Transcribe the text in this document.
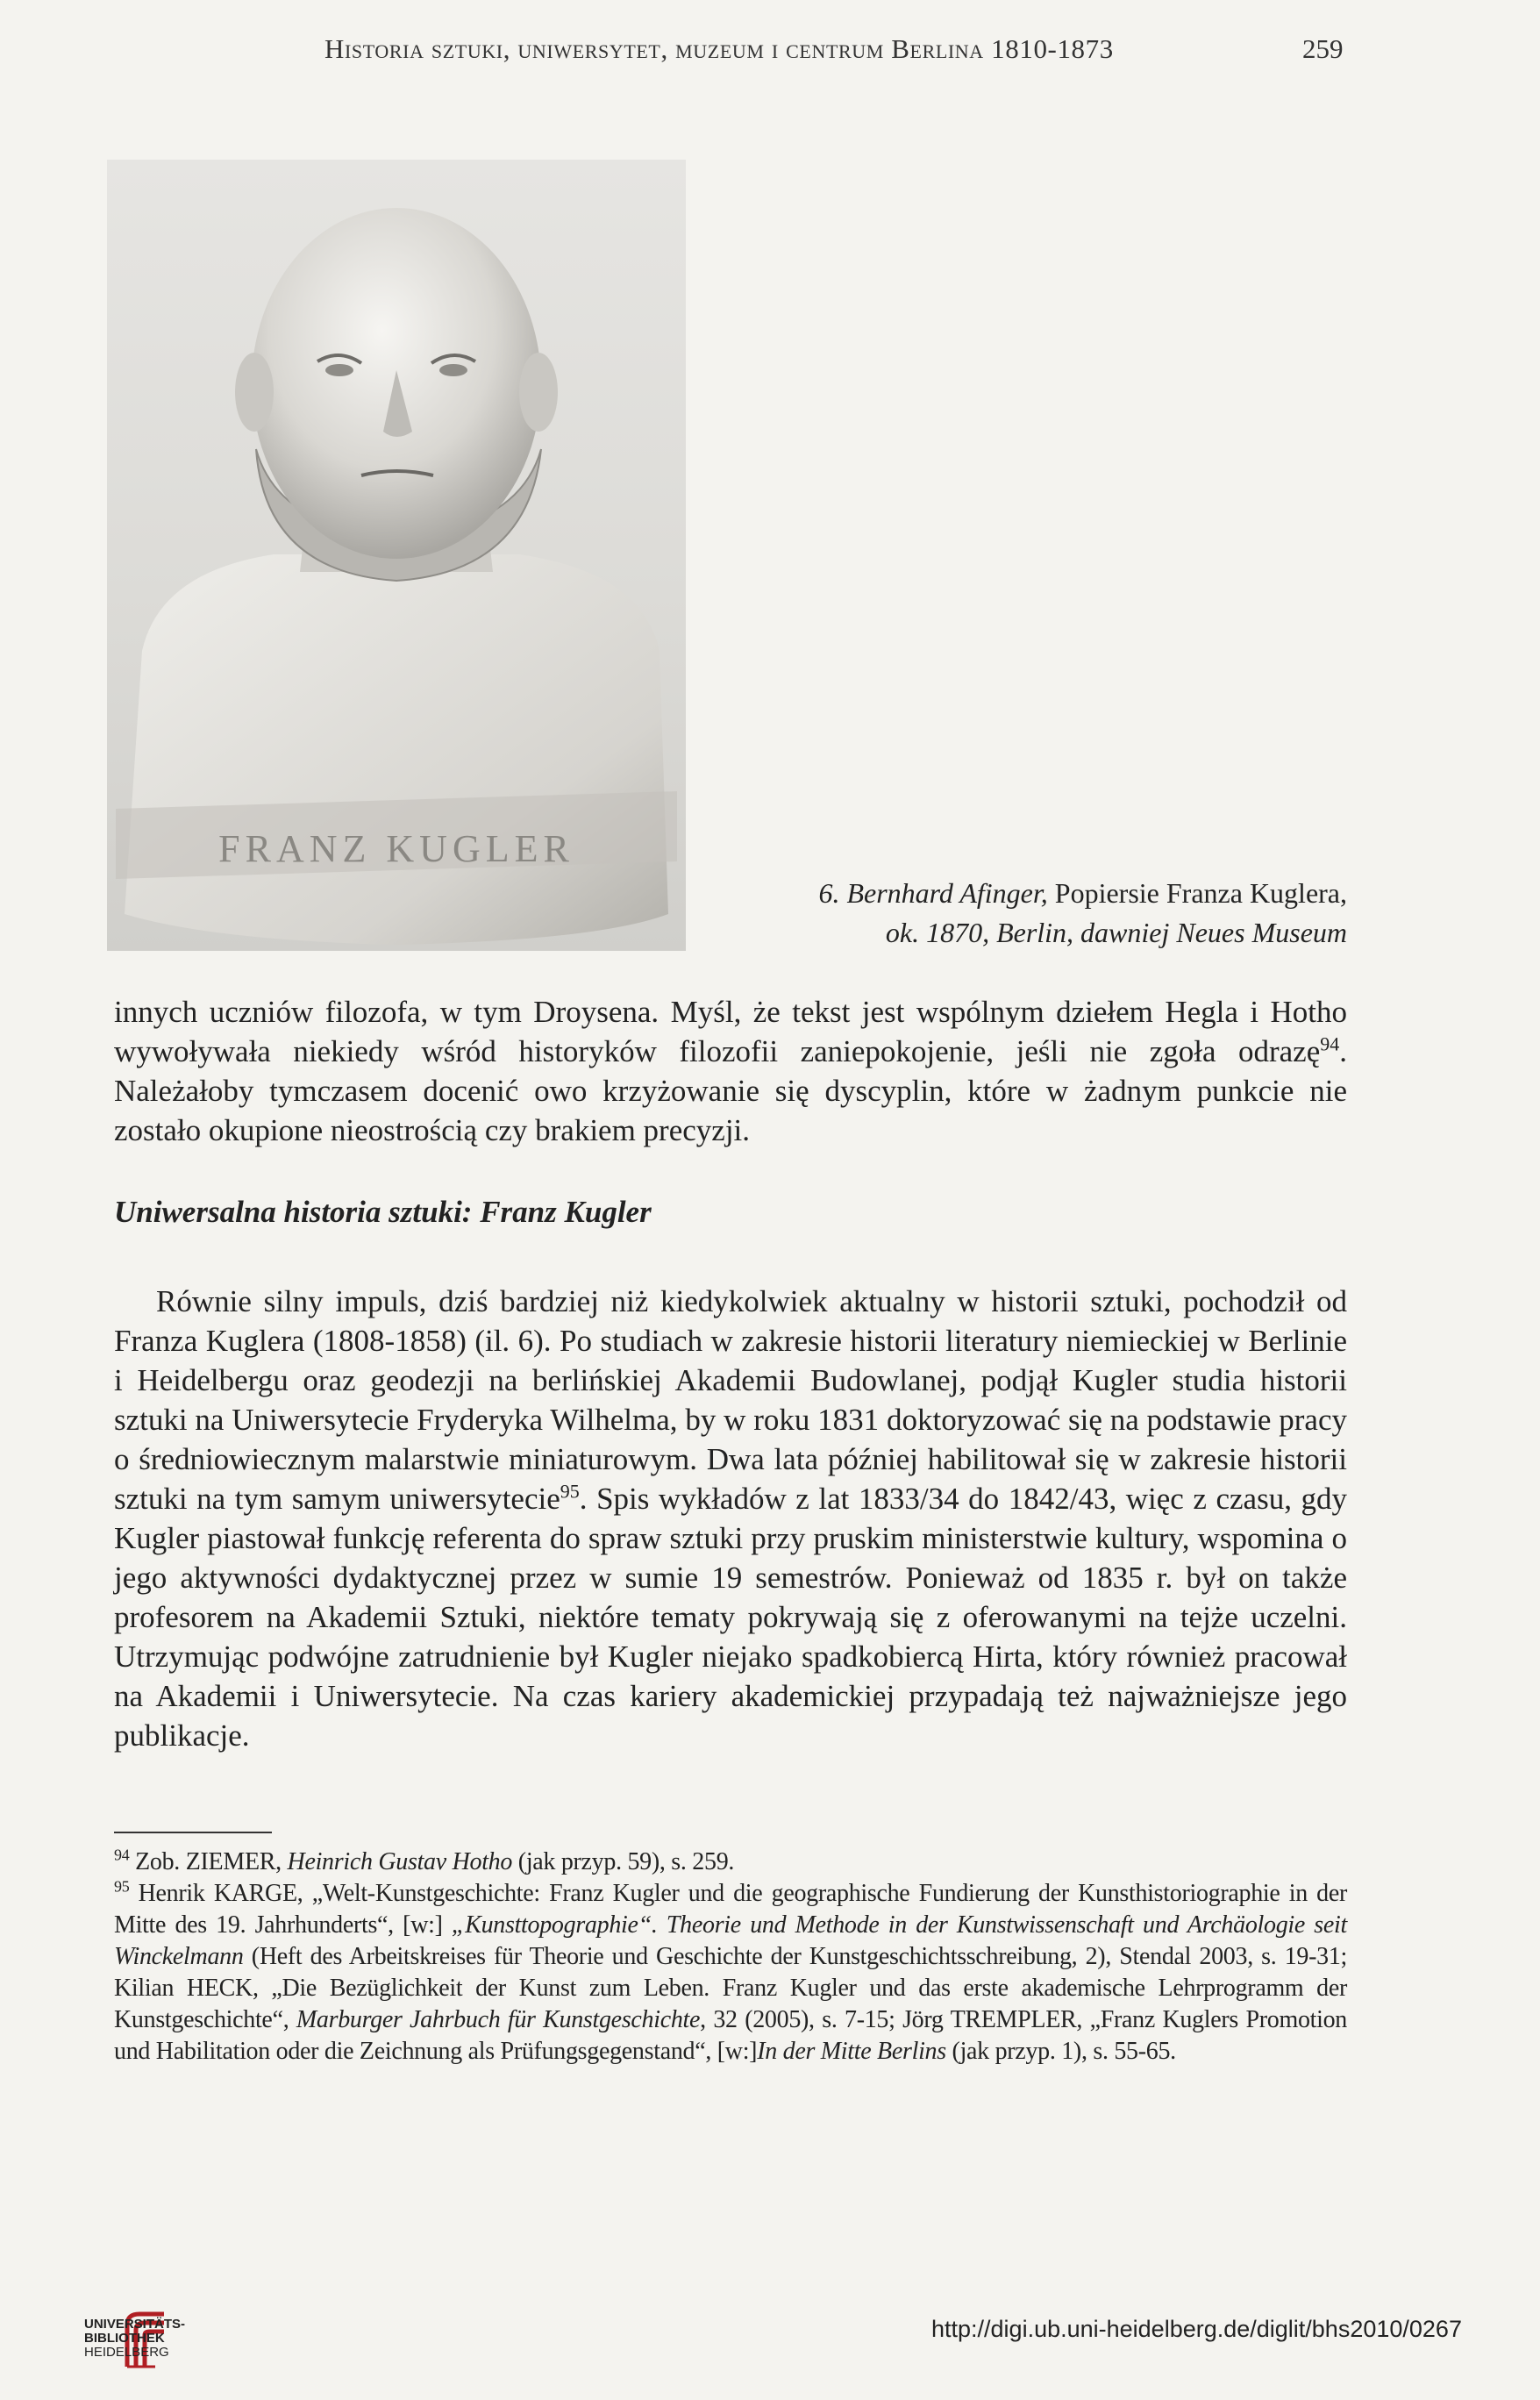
Historia sztuki, uniwersytet, muzeum i centrum Berlina 1810-1873	259
FRANZ KUGLER
6. Bernhard Afinger, Popiersie Franza Kuglera,
ok. 1870, Berlin, dawniej Neues Museum
innych uczniów filozofa, w tym Droysena. Myśl, że tekst jest wspólnym dziełem Hegla i Hotho wywoływała niekiedy wśród historyków filozofii zaniepokojenie, jeśli nie zgoła odrazę$^{94}$. Należałoby tymczasem docenić owo krzyżowanie się dyscyplin, które w żadnym punkcie nie zostało okupione nieostrością czy brakiem precyzji.
Uniwersalna historia sztuki: Franz Kugler
Równie silny impuls, dziś bardziej niż kiedykolwiek aktualny w historii sztuki, pochodził od Franza Kuglera (1808-1858) (il. 6). Po studiach w zakresie historii literatury niemieckiej w Berlinie i Heidelbergu oraz geodezji na berlińskiej Akademii Budowlanej, podjął Kugler studia historii sztuki na Uniwersytecie Fryderyka Wilhelma, by w roku 1831 doktoryzować się na podstawie pracy o średniowiecznym malarstwie miniaturowym. Dwa lata później habilitował się w zakresie historii sztuki na tym samym uniwersytecie$^{95}$. Spis wykładów z lat 1833/34 do 1842/43, więc z czasu, gdy Kugler piastował funkcję referenta do spraw sztuki przy pruskim ministerstwie kultury, wspomina o jego aktywności dydaktycznej przez w sumie 19 semestrów. Ponieważ od 1835 r. był on także profesorem na Akademii Sztuki, niektóre tematy pokrywają się z oferowanymi na tejże uczelni. Utrzymując podwójne zatrudnienie był Kugler niejako spadkobiercą Hirta, który również pracował na Akademii i Uniwersytecie. Na czas kariery akademickiej przypadają też najważniejsze jego publikacje.

$^{94}$ Zob. ZIEMER, Heinrich Gustav Hotho (jak przyp. 59), s. 259.

$^{95}$ Henrik KARGE, „Welt-Kunstgeschichte: Franz Kugler und die geographische Fundierung der Kunsthistoriographie in der Mitte des 19. Jahrhunderts“, [w:] „Kunsttopographie“. Theorie und Methode in der Kunstwissenschaft und Archäologie seit Winckelmann (Heft des Arbeitskreises für Theorie und Geschichte der Kunstgeschichtsschreibung, 2), Stendal 2003, s. 19-31; Kilian HECK, „Die Bezüglichkeit der Kunst zum Leben. Franz Kugler und das erste akademische Lehrprogramm der Kunstgeschichte“, Marburger Jahrbuch für Kunstgeschichte, 32 (2005), s. 7-15; Jörg TREMPLER, „Franz Kuglers Promotion und Habilitation oder die Zeichnung als Prüfungsgegenstand“, [w:]In der Mitte Berlins (jak przyp. 1), s. 55-65.

UNIVERSITÄTS-
BIBLIOTHEK
HEIDELBERG
http://digi.ub.uni-heidelberg.de/diglit/bhs2010/0267
